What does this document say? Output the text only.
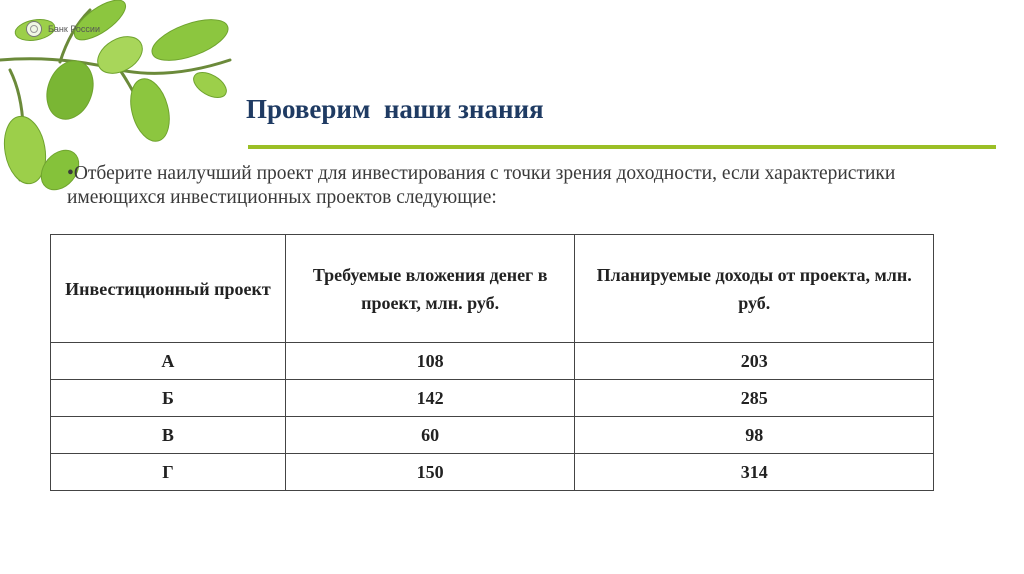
Банк России
Проверим  наши знания

•Отберите наилучший проект для инвестирования с точки зрения доходности, если характеристики имеющихся инвестиционных проектов следующие:

Инвестиционный проект	Требуемые вложения денег в проект, млн. руб.	Планируемые доходы от проекта, млн. руб.
А	108	203
Б	142	285
В	60	98
Г	150	314
